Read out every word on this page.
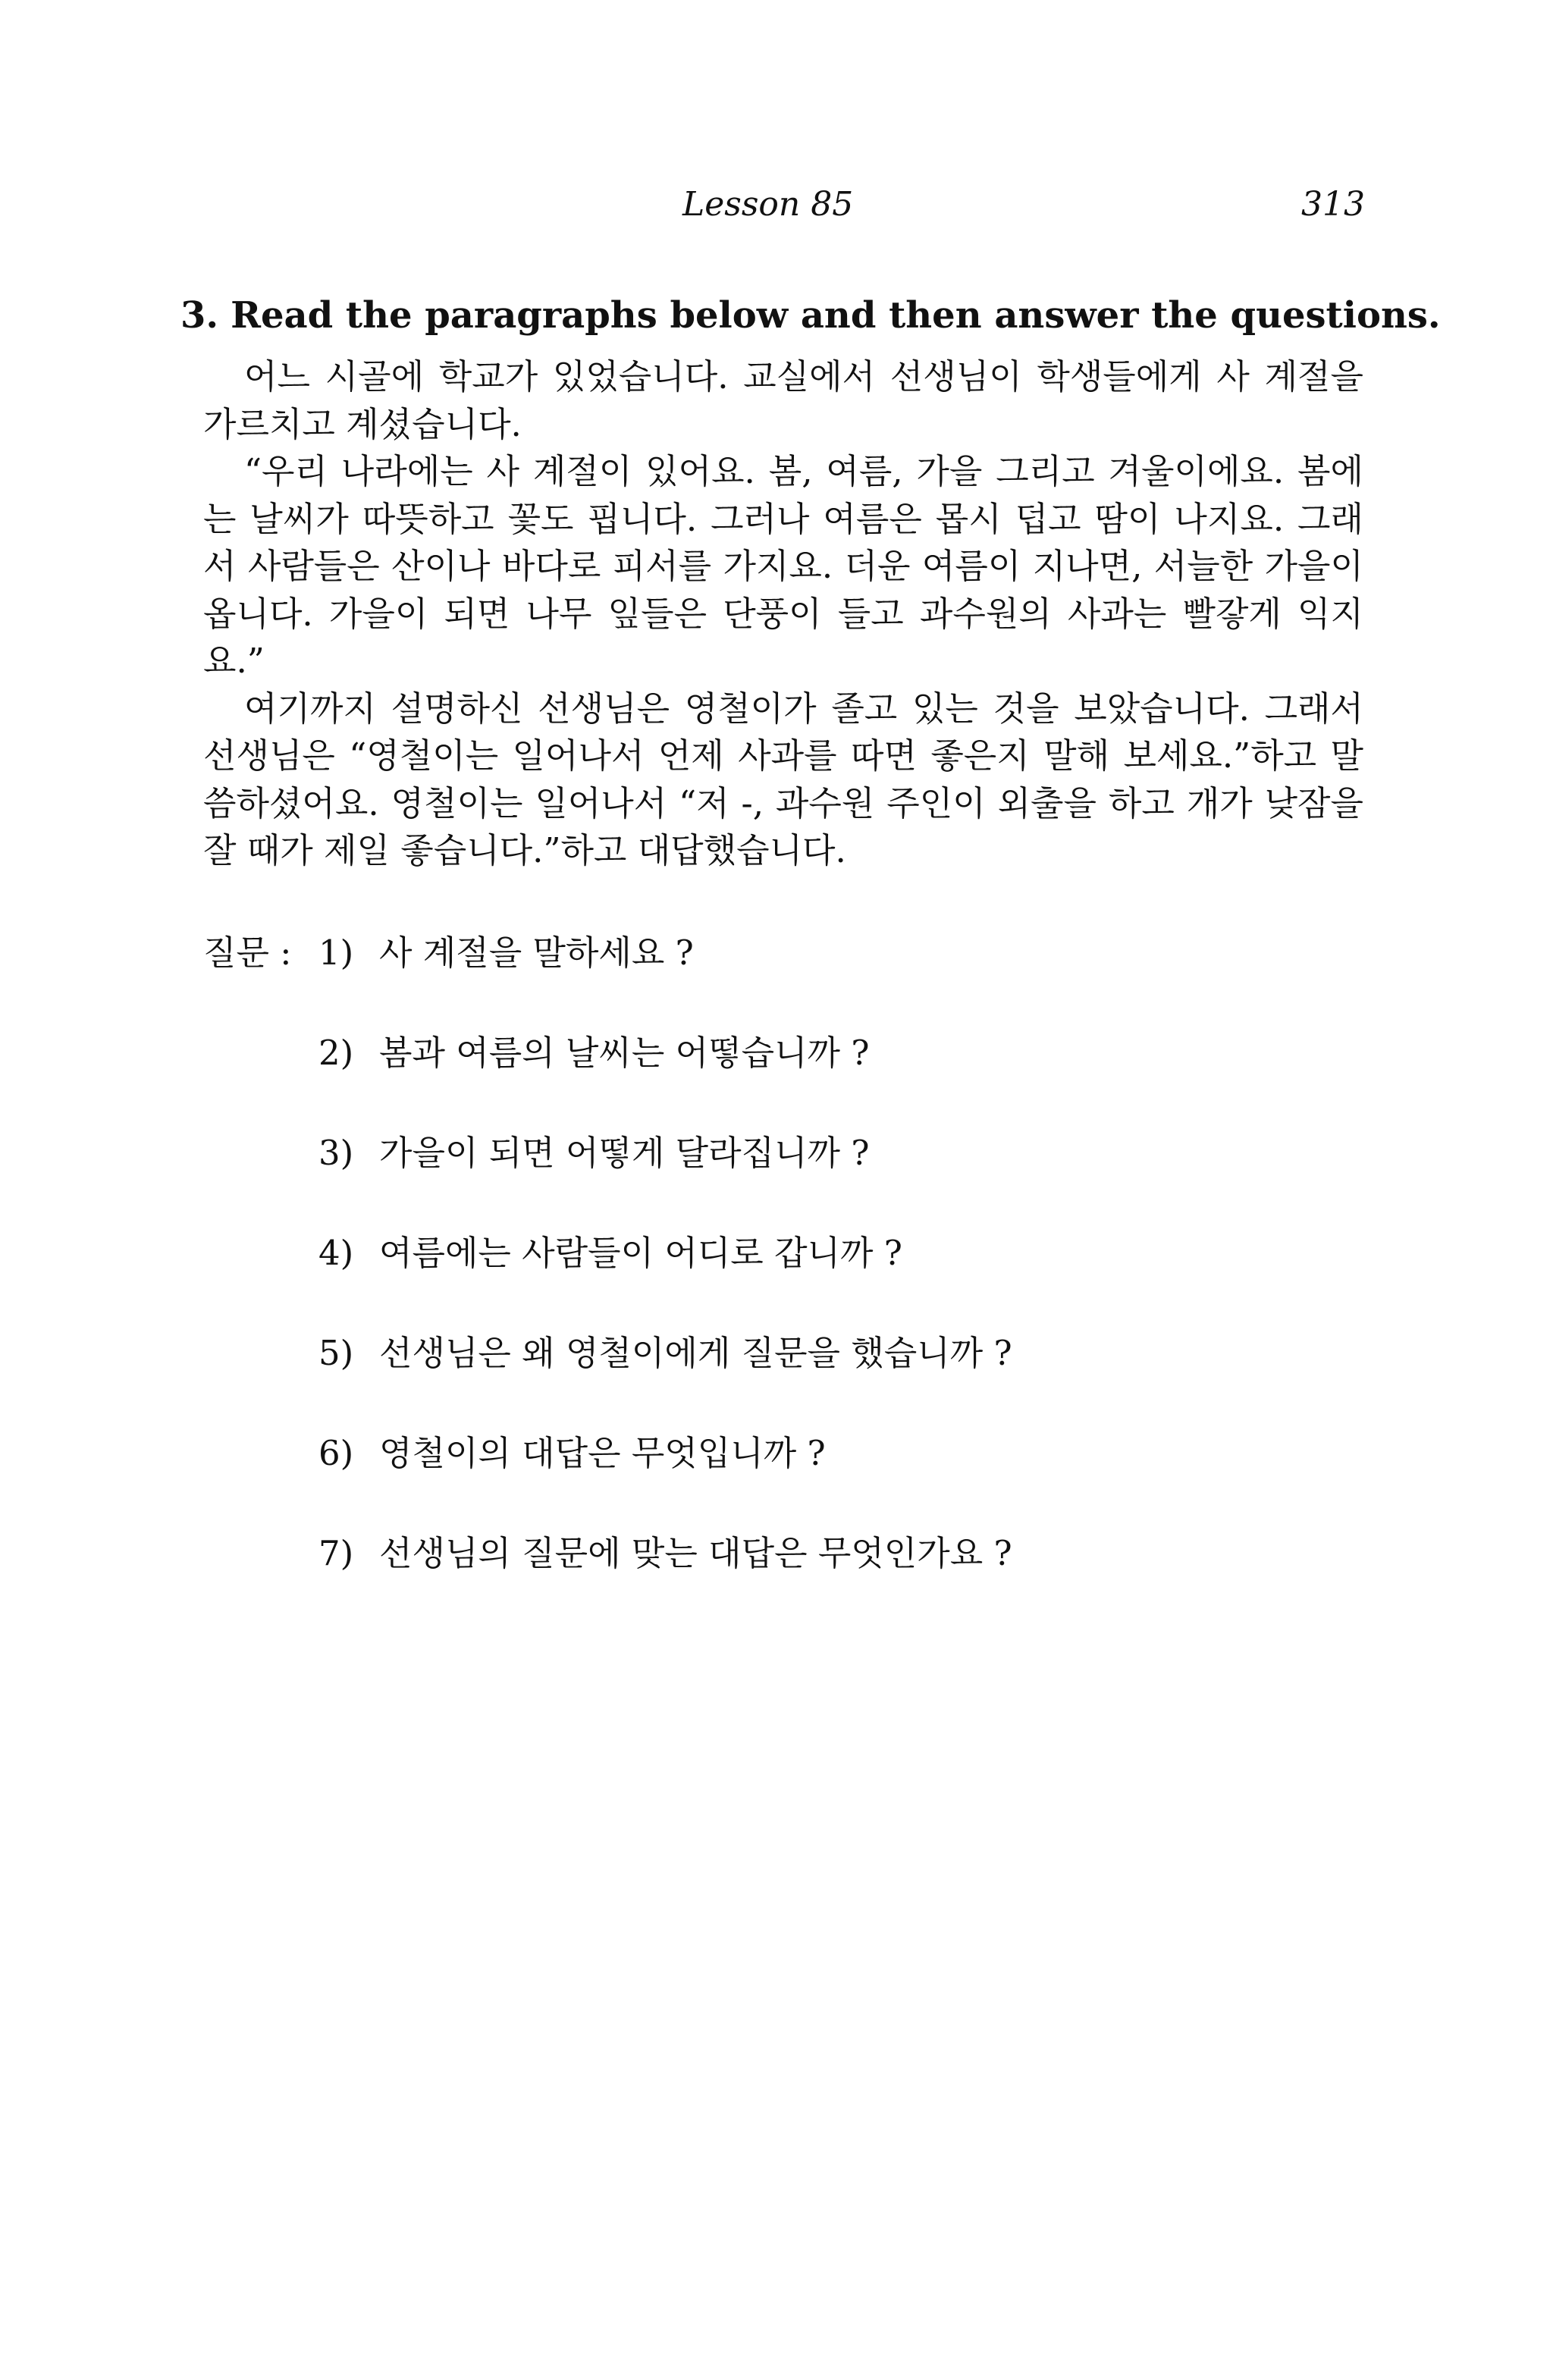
Lesson 85	313
3. Read the paragraphs below and then answer the questions.

어느 시골에 학교가 있었습니다. 교실에서 선생님이 학생들에게 사 계절을 가르치고 계셨습니다.

“우리 나라에는 사 계절이 있어요. 봄, 여름, 가을 그리고 겨울이에요. 봄에는 날씨가 따뜻하고 꽃도 핍니다. 그러나 여름은 몹시 덥고 땀이 나지요. 그래서 사람들은 산이나 바다로 피서를 가지요. 더운 여름이 지나면, 서늘한 가을이 옵니다. 가을이 되면 나무 잎들은 단풍이 들고 과수원의 사과는 빨갛게 익지요.”

여기까지 설명하신 선생님은 영철이가 졸고 있는 것을 보았습니다. 그래서 선생님은 “영철이는 일어나서 언제 사과를 따면 좋은지 말해 보세요.”하고 말씀하셨어요. 영철이는 일어나서 “저 -, 과수원 주인이 외출을 하고 개가 낮잠을 잘 때가 제일 좋습니다.”하고 대답했습니다.

질문 : 1) 사 계절을 말하세요 ?
2) 봄과 여름의 날씨는 어떻습니까 ?
3) 가을이 되면 어떻게 달라집니까 ?
4) 여름에는 사람들이 어디로 갑니까 ?
5) 선생님은 왜 영철이에게 질문을 했습니까 ?
6) 영철이의 대답은 무엇입니까 ?
7) 선생님의 질문에 맞는 대답은 무엇인가요 ?
